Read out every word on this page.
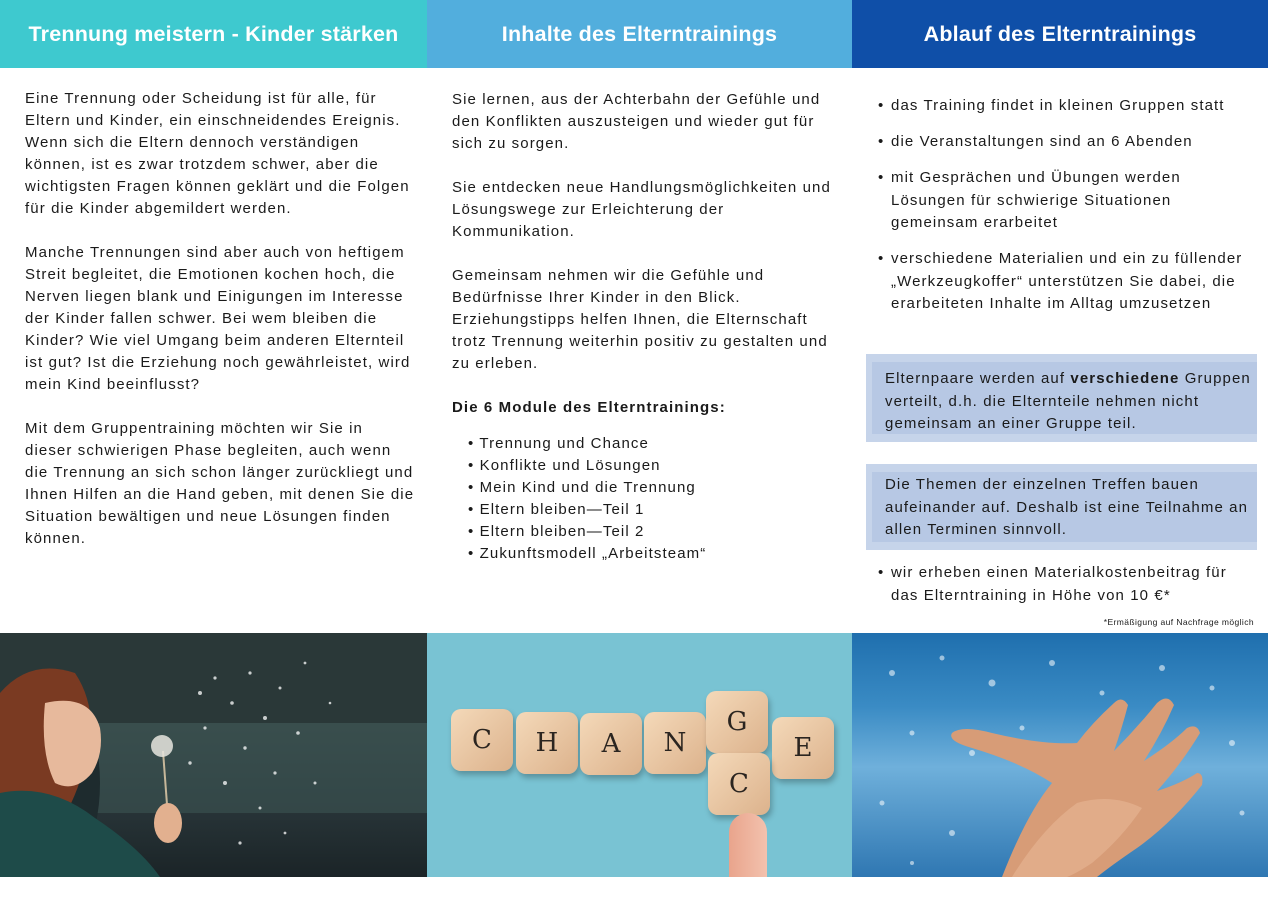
Trennung meistern - Kinder stärken

Eine Trennung oder Scheidung ist für alle, für Eltern und Kinder, ein einschneidendes Ereignis. Wenn sich die Eltern dennoch verständigen können, ist es zwar trotzdem schwer, aber die wichtigsten Fragen können geklärt und die Folgen für die Kinder abgemildert werden.

Manche Trennungen sind aber auch von heftigem Streit begleitet, die Emotionen kochen hoch, die Nerven liegen blank und Einigungen im Interesse der Kinder fallen schwer. Bei wem bleiben die Kinder? Wie viel Umgang beim anderen Elternteil ist gut? Ist die Erziehung noch gewährleistet, wird mein Kind beeinflusst?

Mit dem Gruppentraining möchten wir Sie in dieser schwierigen Phase begleiten, auch wenn die Trennung an sich schon länger zurückliegt und Ihnen Hilfen an die Hand geben, mit denen Sie die Situation bewältigen und neue Lösungen finden können.

Inhalte des Elterntrainings

Sie lernen, aus der Achterbahn der Gefühle und den Konflikten auszusteigen und wieder gut für sich zu sorgen.

Sie entdecken neue Handlungsmöglichkeiten und Lösungswege zur Erleichterung der Kommunikation.

Gemeinsam nehmen wir die Gefühle und Bedürfnisse Ihrer Kinder in den Blick. Erziehungstipps helfen Ihnen, die Elternschaft trotz Trennung weiterhin positiv zu gestalten und zu erleben.

Die 6 Module des Elterntrainings:

• Trennung und Chance
• Konflikte und Lösungen
• Mein Kind und die Trennung
• Eltern bleiben—Teil 1
• Eltern bleiben—Teil 2
• Zukunftsmodell „Arbeitsteam“
Ablauf des Elterntrainings
• das Training findet in kleinen Gruppen statt
• die Veranstaltungen sind an 6 Abenden
• mit Gesprächen und Übungen werden Lösungen für schwierige Situationen gemeinsam erarbeitet
• verschiedene Materialien und ein zu füllender „Werkzeugkoffer“ unterstützen Sie dabei, die erarbeiteten Inhalte im Alltag umzusetzen
Elternpaare werden auf verschiedene Gruppen verteilt, d.h. die Elternteile nehmen nicht gemeinsam an einer Gruppe teil.
Die Themen der einzelnen Treffen bauen aufeinander auf. Deshalb ist eine Teilnahme an allen Terminen sinnvoll.
• wir erheben einen Materialkostenbeitrag für das Elterntraining in Höhe von 10 €*
*Ermäßigung auf Nachfrage möglich
C	H	A	N
G
E
C
